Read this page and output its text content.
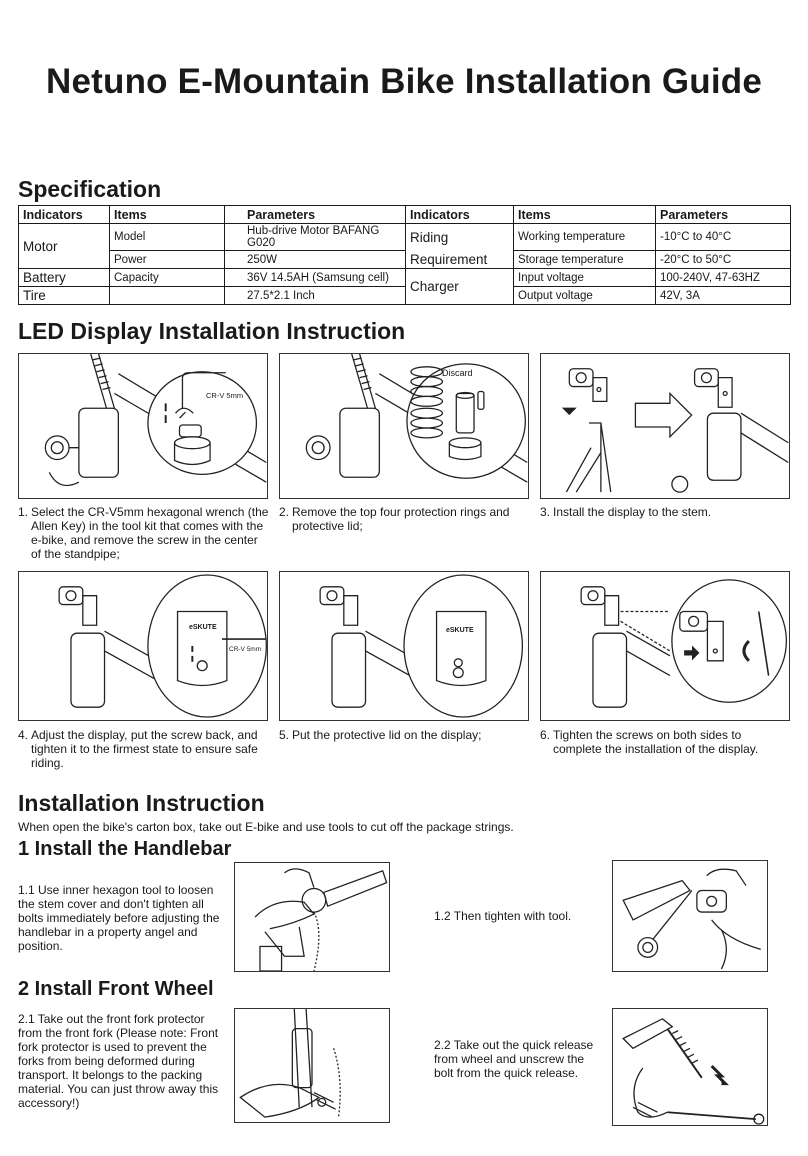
Netuno E-Mountain Bike Installation Guide
Specification
Indicators	Items	Parameters	Indicators	Items	Parameters
Motor	Model	Hub-drive Motor BAFANG G020	Riding	Working temperature	-10°C to 40°C
	Power	250W	Requirement	Storage temperature	-20°C to 50°C
Battery	Capacity	36V 14.5AH (Samsung cell)	Charger	Input voltage	100-240V, 47-63HZ
Tire		27.5*2.1 Inch		Output voltage	42V, 3A
LED Display Installation Instruction
CR-V 5mm
Discard
1. Select the CR-V5mm hexagonal wrench (the Allen Key) in the tool kit that comes with the e-bike, and remove the screw in the center of the standpipe;
2. Remove the top four protection rings and protective lid;
3. Install the display to the stem.
eSKUTE
CR-V 5mm
eSKUTE
4. Adjust the display, put the screw back, and tighten it to the firmest state to ensure safe riding.
5. Put the protective lid on the display;	6. Tighten the screws on both sides to complete the installation of the display.
Installation Instruction
When open the bike's carton box, take out E-bike and use tools to cut off the package strings.
1 Install the Handlebar
1.1 Use inner hexagon tool to loosen the stem cover and don't tighten all bolts immediately before adjusting the handlebar in a property angel and position.
1.2 Then tighten with tool.
2 Install Front Wheel
2.1 Take out the front fork protector from the front fork (Please note: Front fork protector is used to prevent the forks from being deformed during transport. It belongs to the packing material. You can just throw away this accessory!)
2.2 Take out the quick release from wheel and unscrew the bolt from the quick release.
